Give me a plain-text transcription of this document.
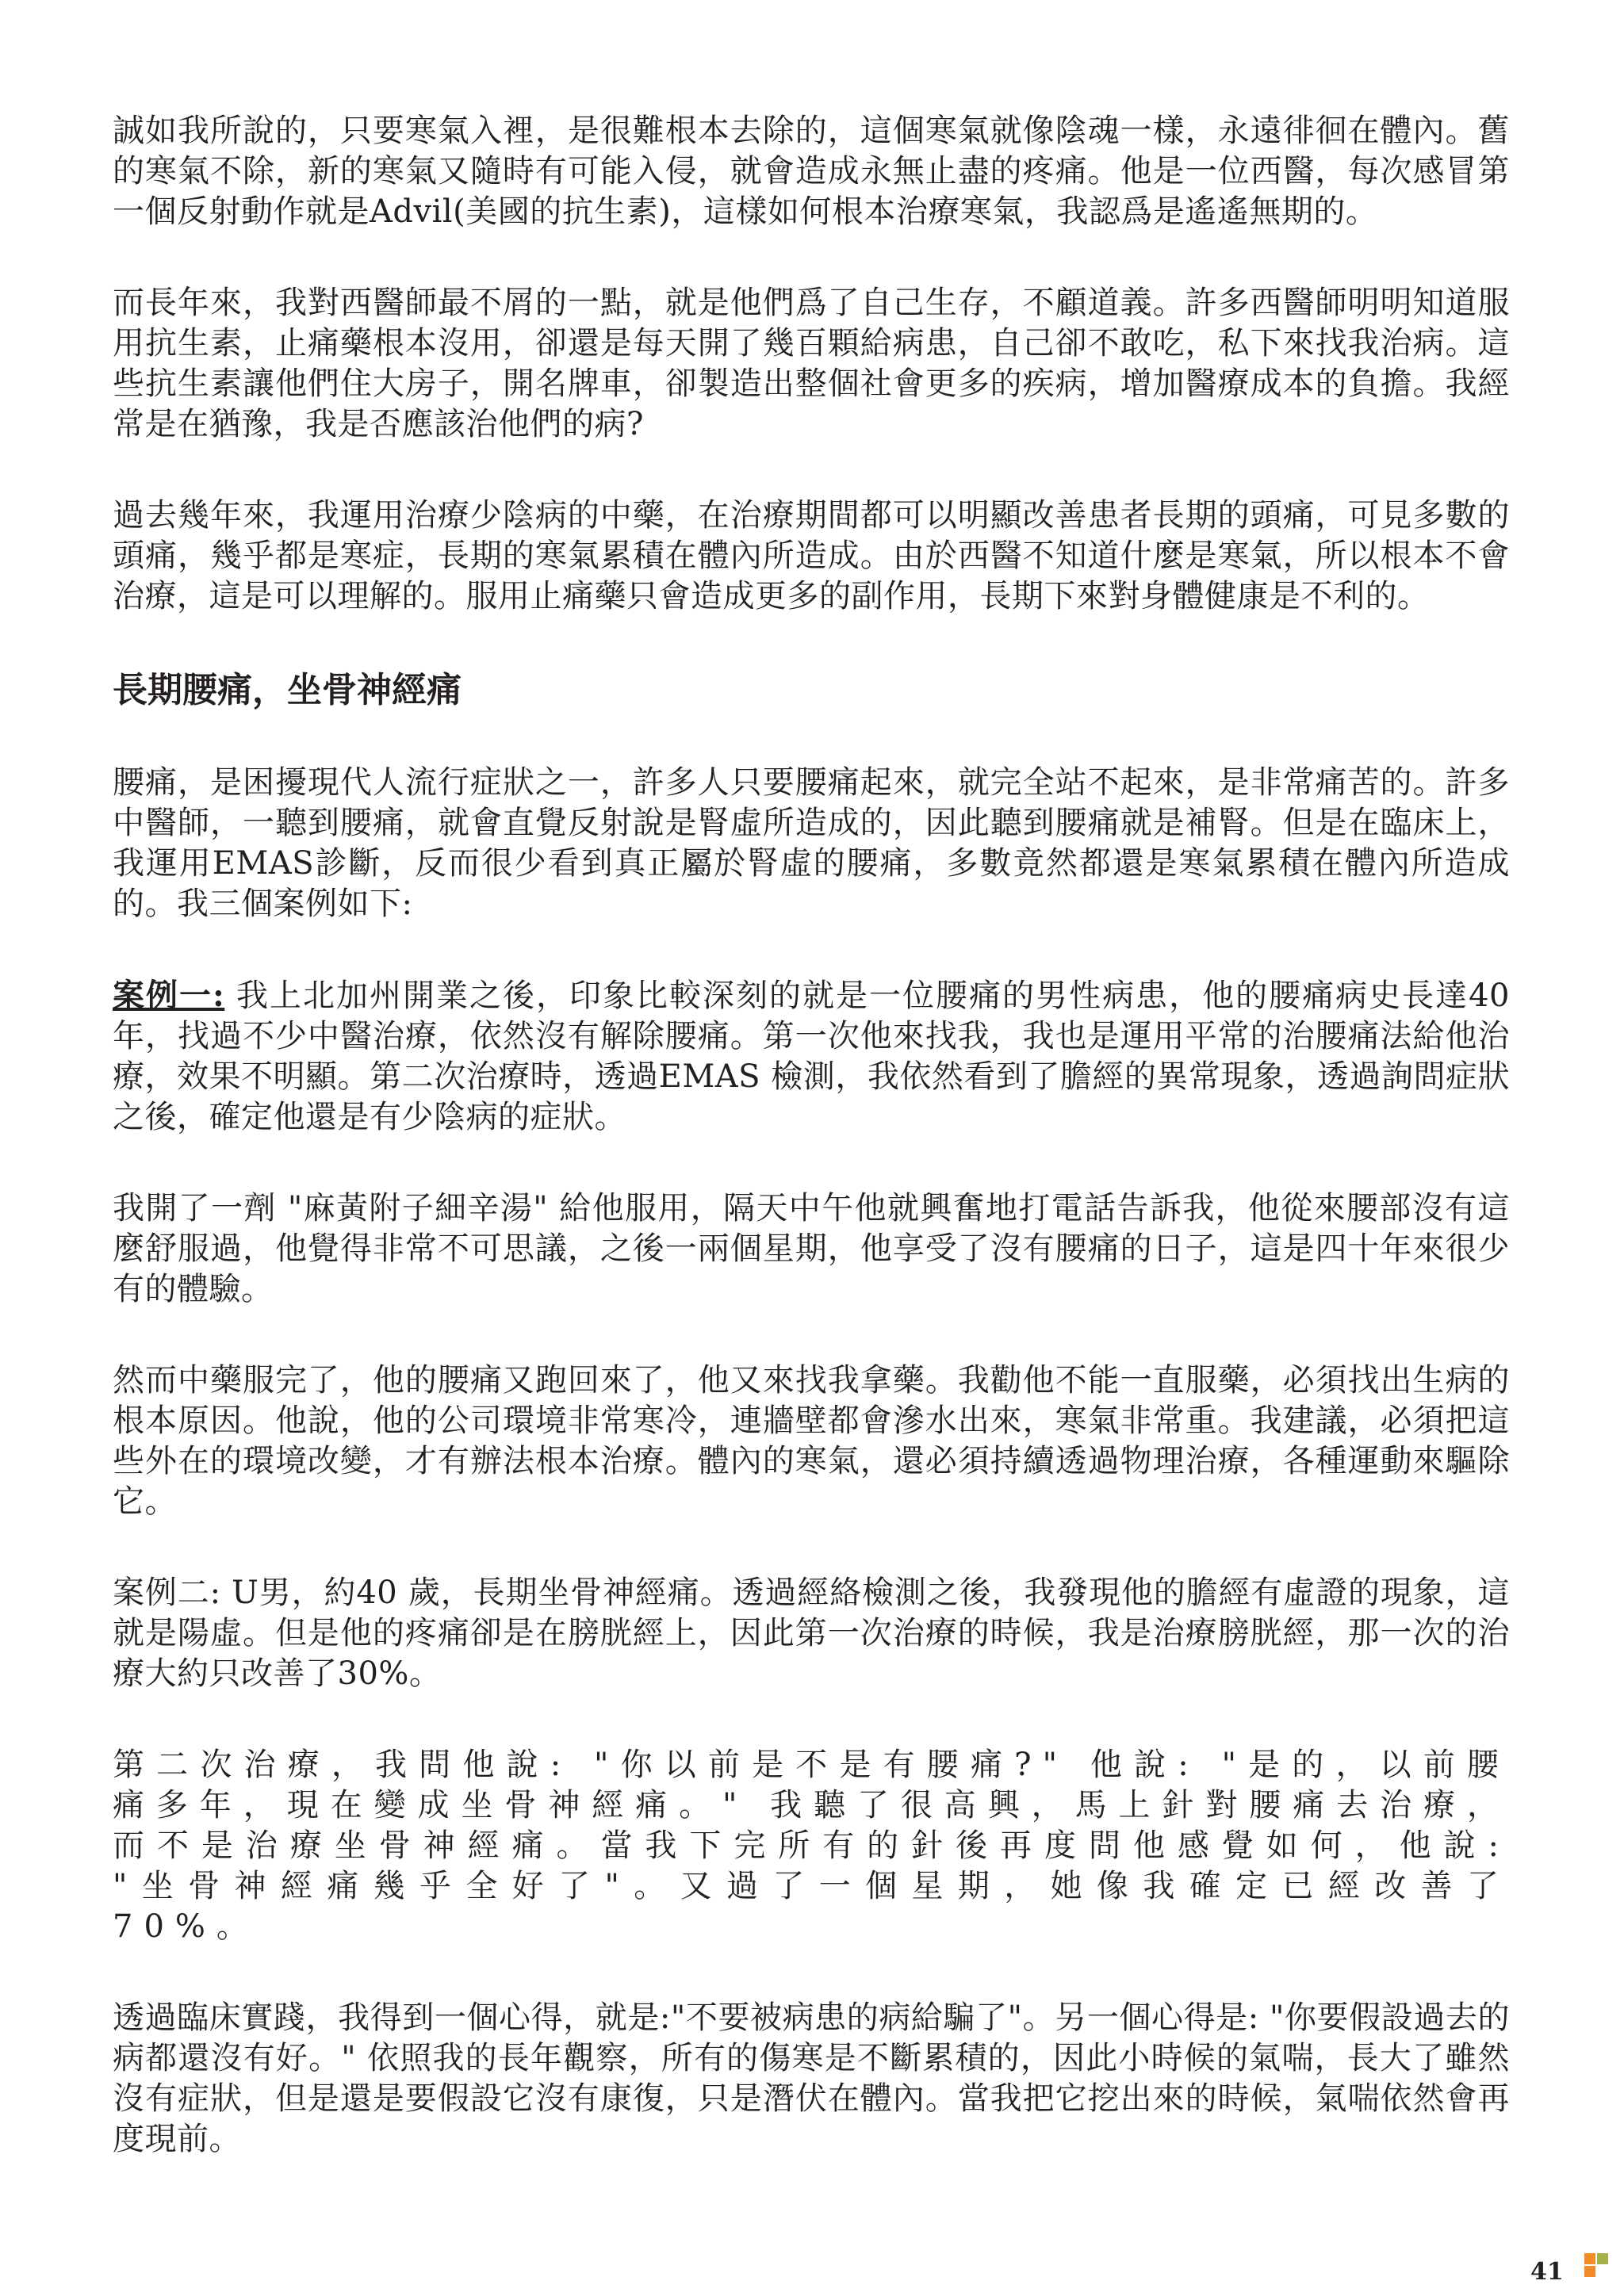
誠如我所說的，只要寒氣入裡，是很難根本去除的，這個寒氣就像陰魂一樣，永遠徘徊在體內。舊的寒氣不除，新的寒氣又隨時有可能入侵，就會造成永無止盡的疼痛。他是一位西醫，每次感冒第一個反射動作就是Advil(美國的抗生素)，這樣如何根本治療寒氣，我認爲是遙遙無期的。

而長年來，我對西醫師最不屑的一點，就是他們爲了自己生存，不顧道義。許多西醫師明明知道服用抗生素，止痛藥根本沒用，卻還是每天開了幾百顆給病患，自己卻不敢吃，私下來找我治病。這些抗生素讓他們住大房子，開名牌車，卻製造出整個社會更多的疾病，增加醫療成本的負擔。我經常是在猶豫，我是否應該治他們的病?

過去幾年來，我運用治療少陰病的中藥，在治療期間都可以明顯改善患者長期的頭痛，可見多數的頭痛，幾乎都是寒症，長期的寒氣累積在體內所造成。由於西醫不知道什麼是寒氣，所以根本不會治療，這是可以理解的。服用止痛藥只會造成更多的副作用，長期下來對身體健康是不利的。

長期腰痛，坐骨神經痛

腰痛，是困擾現代人流行症狀之一，許多人只要腰痛起來，就完全站不起來，是非常痛苦的。許多中醫師，一聽到腰痛，就會直覺反射說是腎虛所造成的，因此聽到腰痛就是補腎。但是在臨床上，我運用EMAS診斷，反而很少看到真正屬於腎虛的腰痛，多數竟然都還是寒氣累積在體內所造成的。我三個案例如下:

案例一: 我上北加州開業之後，印象比較深刻的就是一位腰痛的男性病患，他的腰痛病史長達40 年，找過不少中醫治療，依然沒有解除腰痛。第一次他來找我，我也是運用平常的治腰痛法給他治療，效果不明顯。第二次治療時，透過EMAS 檢測，我依然看到了膽經的異常現象，透過詢問症狀之後，確定他還是有少陰病的症狀。

我開了一劑 "麻黃附子細辛湯" 給他服用，隔天中午他就興奮地打電話告訴我，他從來腰部沒有這麼舒服過，他覺得非常不可思議，之後一兩個星期，他享受了沒有腰痛的日子，這是四十年來很少有的體驗。

然而中藥服完了，他的腰痛又跑回來了，他又來找我拿藥。我勸他不能一直服藥，必須找出生病的根本原因。他說，他的公司環境非常寒冷，連牆壁都會滲水出來，寒氣非常重。我建議，必須把這些外在的環境改變，才有辦法根本治療。體內的寒氣，還必須持續透過物理治療，各種運動來驅除它。

案例二: U男，約40 歲，長期坐骨神經痛。透過經絡檢測之後，我發現他的膽經有虛證的現象，這就是陽虛。但是他的疼痛卻是在膀胱經上，因此第一次治療的時候，我是治療膀胱經，那一次的治療大約只改善了30%。

第二次治療，我問他說: "你以前是不是有腰痛?" 他說: "是的，以前腰痛多年，現在變成坐骨神經痛。" 我聽了很高興，馬上針對腰痛去治療，而不是治療坐骨神經痛。當我下完所有的針後再度問他感覺如何，他說: "坐骨神經痛幾乎全好了"。又過了一個星期，她像我確定已經改善了70%。

透過臨床實踐，我得到一個心得，就是:"不要被病患的病給騙了"。另一個心得是: "你要假設過去的病都還沒有好。" 依照我的長年觀察，所有的傷寒是不斷累積的，因此小時候的氣喘，長大了雖然沒有症狀，但是還是要假設它沒有康復，只是潛伏在體內。當我把它挖出來的時候，氣喘依然會再度現前。

41
